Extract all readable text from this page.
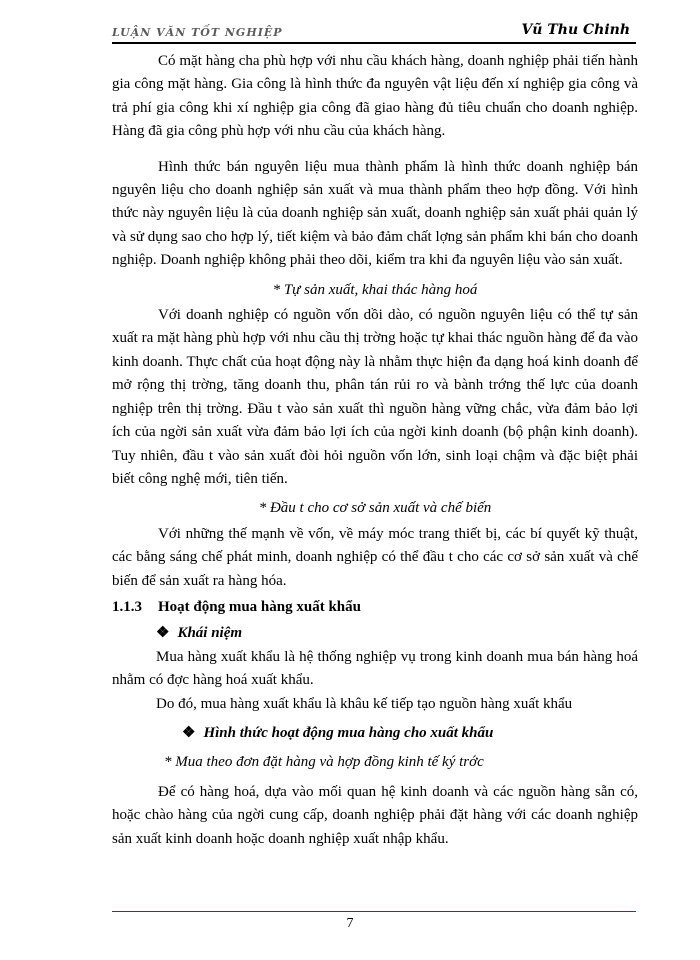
LUẬN VĂN TỐT NGHIỆP	Vũ Thu Chinh

Có mặt hàng cha phù hợp với nhu cầu khách hàng, doanh nghiệp phải tiến hành gia công mặt hàng. Gia công là hình thức đa nguyên vật liệu đến xí nghiệp gia công và trả phí gia công khi xí nghiệp gia công đã giao hàng đủ tiêu chuẩn cho doanh nghiệp. Hàng đã gia công phù hợp với nhu cầu của khách hàng.

Hình thức bán nguyên liệu mua thành phẩm là hình thức doanh nghiệp bán nguyên liệu cho doanh nghiệp sản xuất và mua thành phẩm theo hợp đồng. Với hình thức này nguyên liệu là của doanh nghiệp sản xuất, doanh nghiệp sản xuất phải quản lý và sử dụng sao cho hợp lý, tiết kiệm và bảo đảm chất lợng sản phẩm khi bán cho doanh nghiệp. Doanh nghiệp không phải theo dõi, kiểm tra khi đa nguyên liệu vào sản xuất.

* Tự sản xuất, khai thác hàng hoá

Với doanh nghiệp có nguồn vốn dồi dào, có nguồn nguyên liệu có thể tự sản xuất ra mặt hàng phù hợp với nhu cầu thị trờng hoặc tự khai thác nguồn hàng để đa vào kinh doanh. Thực chất của hoạt động này là nhằm thực hiện đa dạng hoá kinh doanh để mở rộng thị trờng, tăng doanh thu, phân tán rủi ro và bành trớng thế lực của doanh nghiệp trên thị trờng. Đầu t vào sản xuất thì nguồn hàng vững chắc, vừa đảm bảo lợi ích của ngời sản xuất vừa đảm bảo lợi ích của ngời kinh doanh (bộ phận kinh doanh). Tuy nhiên, đầu t vào sản xuất đòi hỏi nguồn vốn lớn, sinh loại chậm và đặc biệt phải biết công nghệ mới, tiên tiến.

* Đầu t cho cơ sở sản xuất và chế biến

Với những thế mạnh về vốn, về máy móc trang thiết bị, các bí quyết kỹ thuật, các bằng sáng chế phát minh, doanh nghiệp có thể đầu t cho các cơ sở sản xuất và chế biến để sản xuất ra hàng hóa.

1.1.3 Hoạt động mua hàng xuất khẩu

❖ Khái niệm

Mua hàng xuất khẩu là hệ thống nghiệp vụ trong kinh doanh mua bán hàng hoá nhằm có đợc hàng hoá xuất khẩu.

Do đó, mua hàng xuất khẩu là khâu kế tiếp tạo nguồn hàng xuất khẩu

❖ Hình thức hoạt động mua hàng cho xuất khẩu

* Mua theo đơn đặt hàng và hợp đồng kinh tế ký trớc

Để có hàng hoá, dựa vào mối quan hệ kinh doanh và các nguồn hàng sẵn có, hoặc chào hàng của ngời cung cấp, doanh nghiệp phải đặt hàng với các doanh nghiệp sản xuất kinh doanh hoặc doanh nghiệp xuất nhập khẩu.

7
